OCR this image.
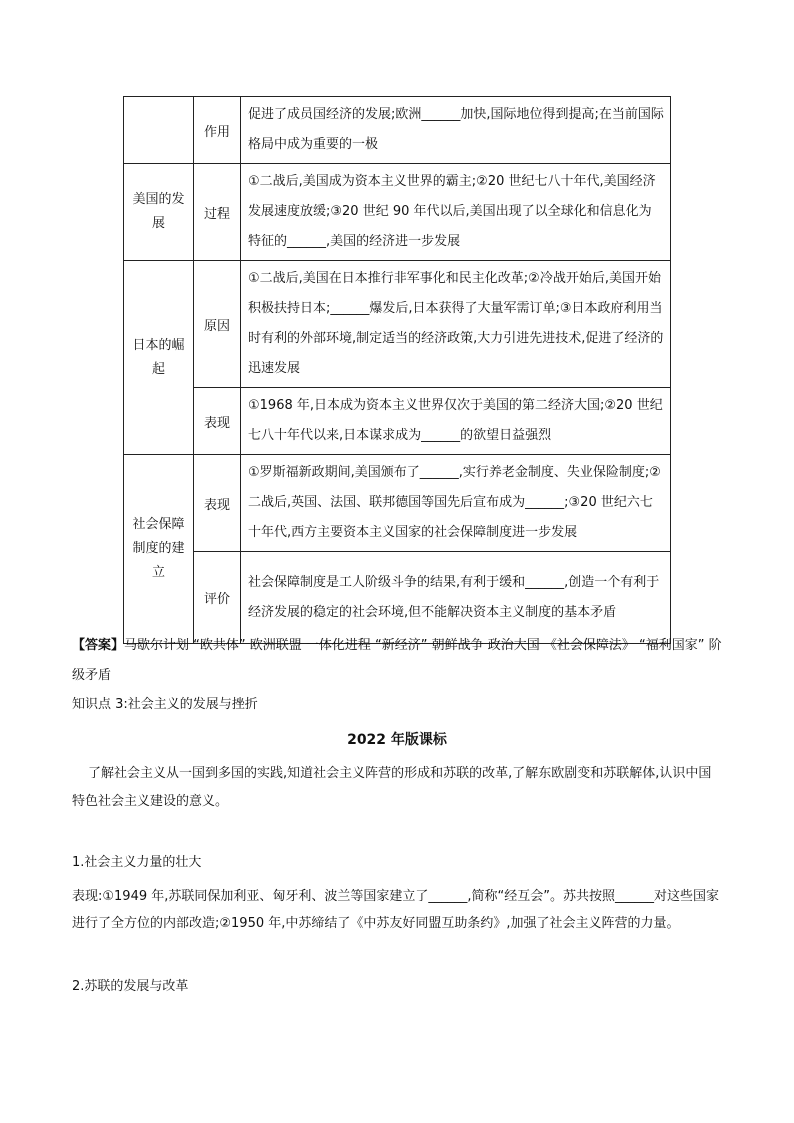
	作用	促进了成员国经济的发展;欧洲______加快,国际地位得到提高;在当前国际格局中成为重要的一极
美国的发展	过程	①二战后,美国成为资本主义世界的霸主;②20 世纪七八十年代,美国经济发展速度放缓;③20 世纪 90 年代以后,美国出现了以全球化和信息化为特征的______,美国的经济进一步发展
日本的崛起	原因	①二战后,美国在日本推行非军事化和民主化改革;②冷战开始后,美国开始积极扶持日本;______爆发后,日本获得了大量军需订单;③日本政府利用当时有利的外部环境,制定适当的经济政策,大力引进先进技术,促进了经济的迅速发展
	表现	①1968 年,日本成为资本主义世界仅次于美国的第二经济大国;②20 世纪七八十年代以来,日本谋求成为______的欲望日益强烈
社会保障制度的建立	表现	①罗斯福新政期间,美国颁布了______,实行养老金制度、失业保险制度;②二战后,英国、法国、联邦德国等国先后宣布成为______;③20 世纪六七十年代,西方主要资本主义国家的社会保障制度进一步发展
	评价	社会保障制度是工人阶级斗争的结果,有利于缓和______,创造一个有利于经济发展的稳定的社会环境,但不能解决资本主义制度的基本矛盾
【答案】马歇尔计划 “欧共体” 欧洲联盟 一体化进程 “新经济” 朝鲜战争 政治大国 《社会保障法》 “福利国家” 阶级矛盾
知识点 3:社会主义的发展与挫折
2022 年版课标
了解社会主义从一国到多国的实践,知道社会主义阵营的形成和苏联的改革,了解东欧剧变和苏联解体,认识中国特色社会主义建设的意义。
1.社会主义力量的壮大
表现:①1949 年,苏联同保加利亚、匈牙利、波兰等国家建立了______,简称“经互会”。苏共按照______对这些国家进行了全方位的内部改造;②1950 年,中苏缔结了《中苏友好同盟互助条约》,加强了社会主义阵营的力量。
2.苏联的发展与改革
